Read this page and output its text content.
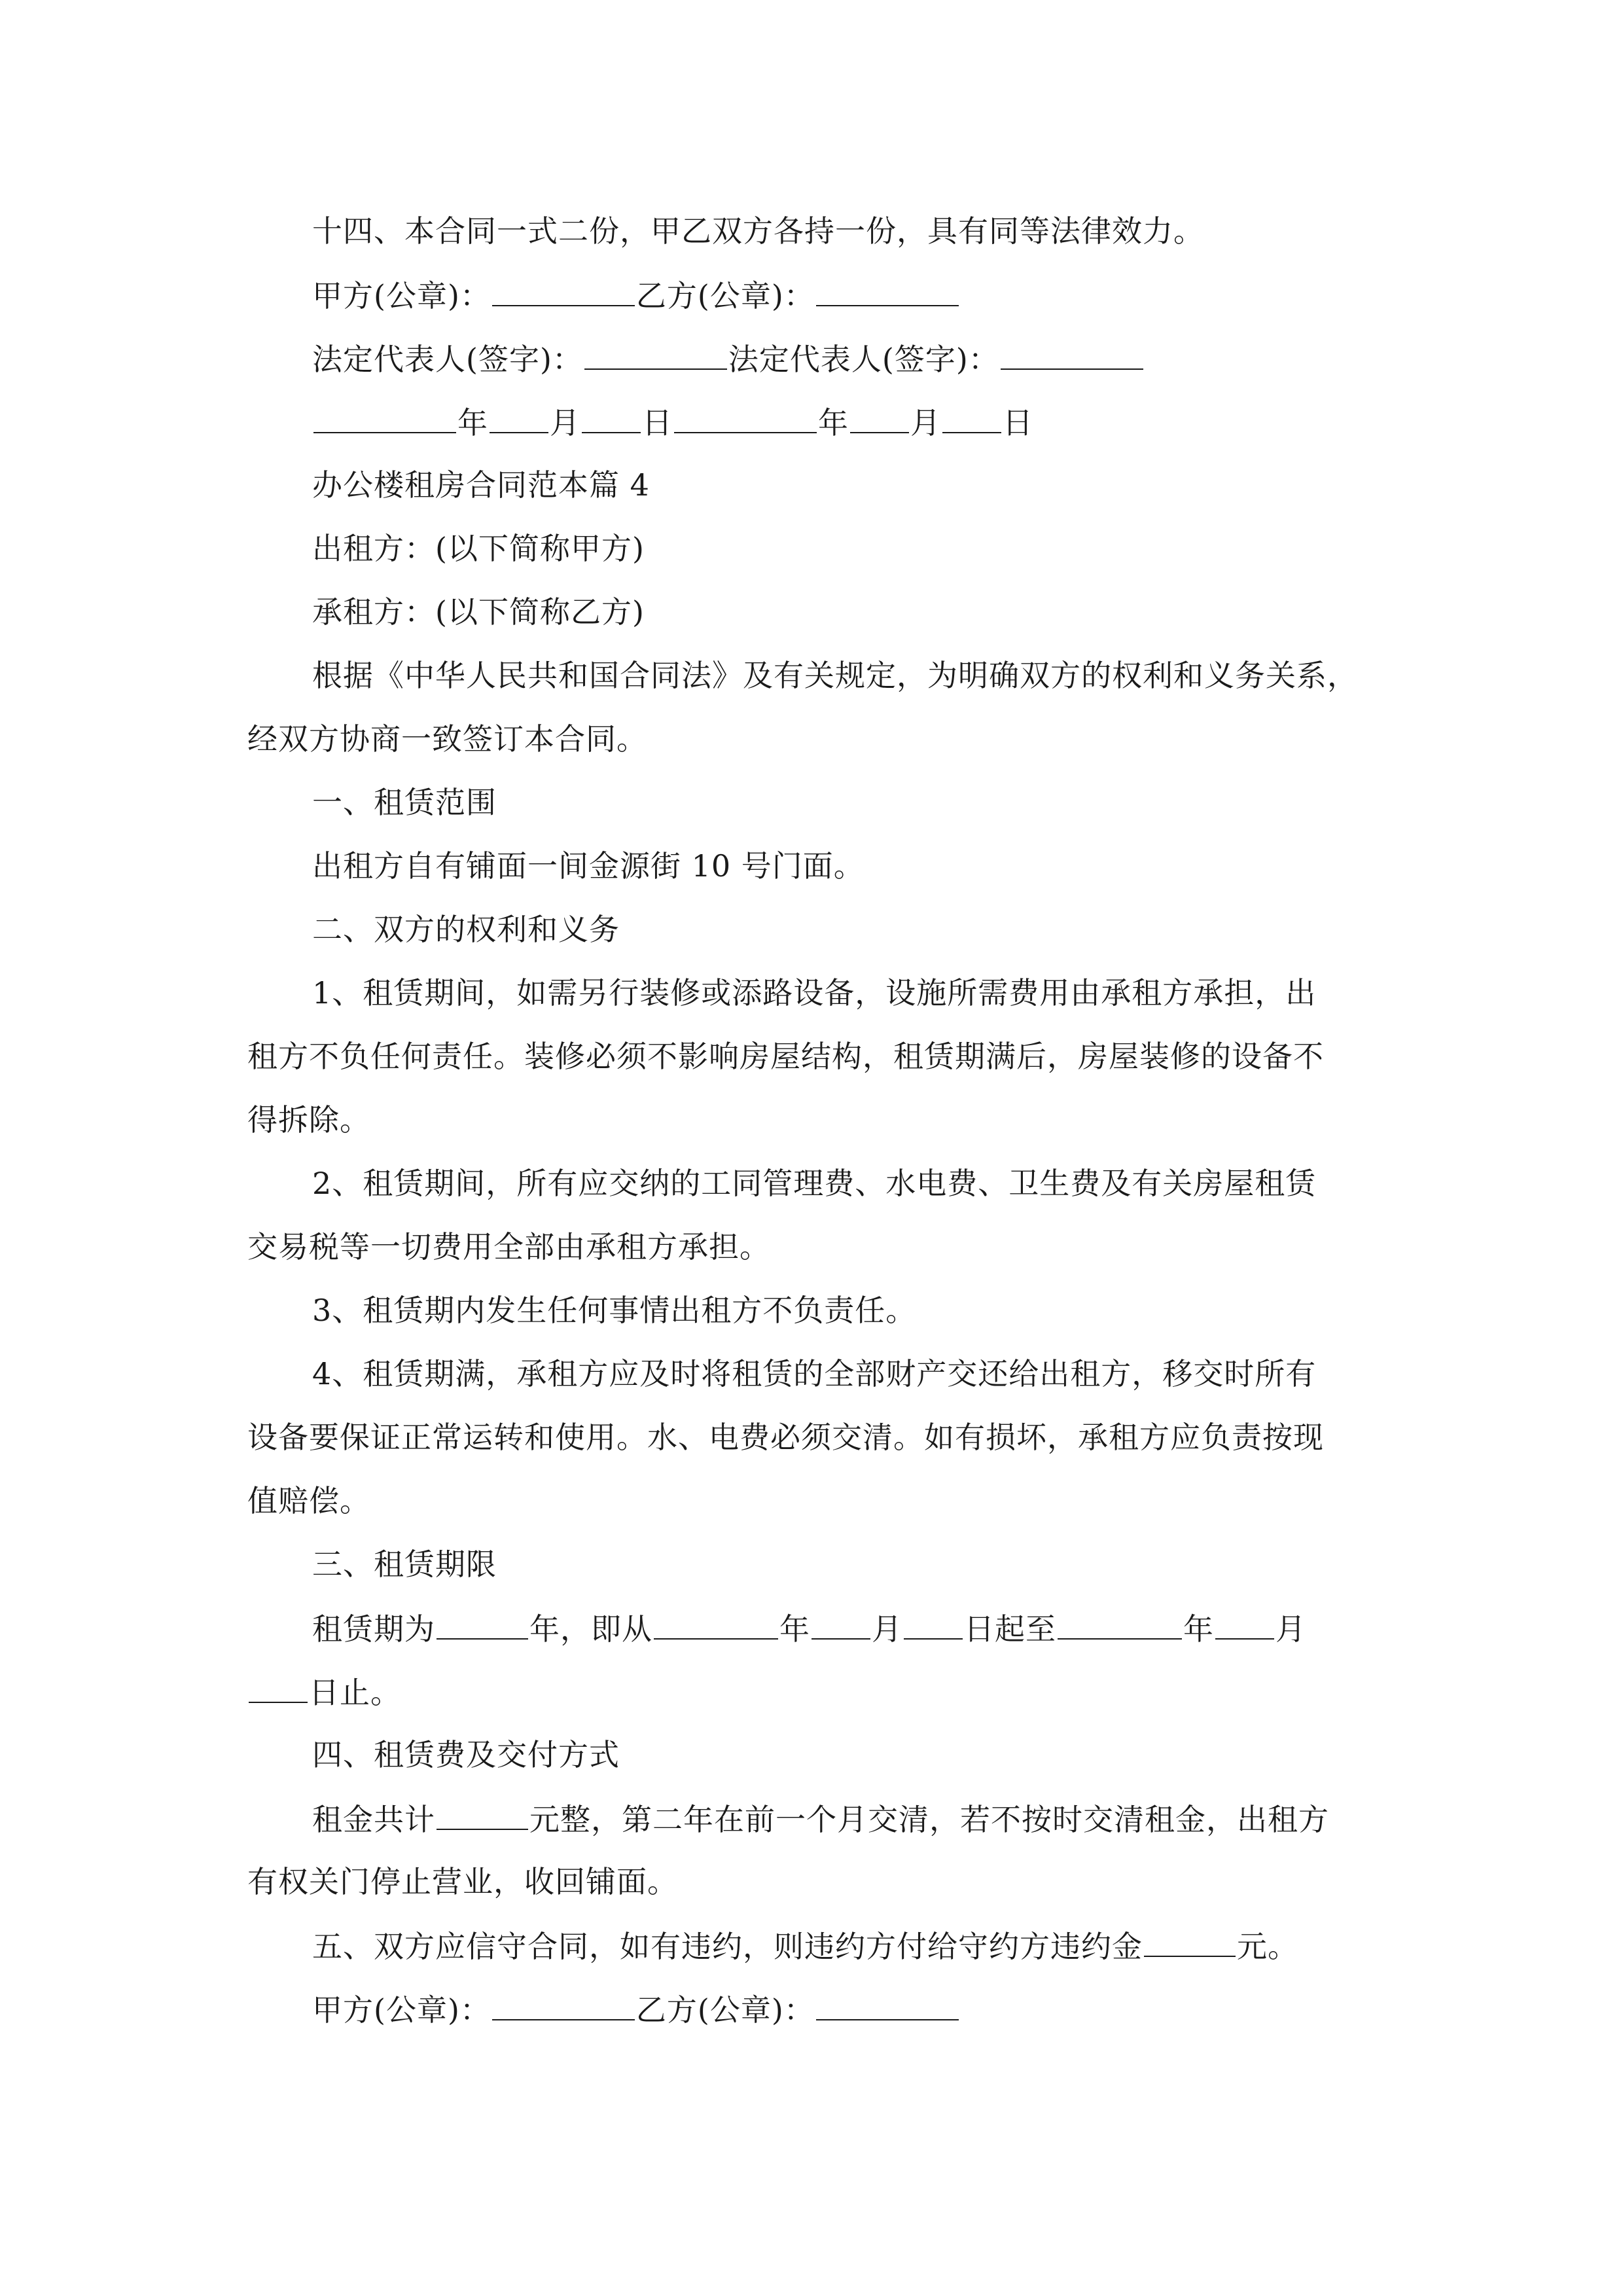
十四、本合同一式二份，甲乙双方各持一份，具有同等法律效力。
甲方(公章)：	乙方(公章)：
法定代表人(签字)：	法定代表人(签字)：
年 月 日	年 月 日
办公楼租房合同范本篇 4
出租方：(以下简称甲方)
承租方：(以下简称乙方)
根据《中华人民共和国合同法》及有关规定，为明确双方的权利和义务关系，
经双方协商一致签订本合同。
一、租赁范围
出租方自有铺面一间金源街 10 号门面。
二、双方的权利和义务
1、租赁期间，如需另行装修或添路设备，设施所需费用由承租方承担，出
租方不负任何责任。装修必须不影响房屋结构，租赁期满后，房屋装修的设备不
得拆除。
2、租赁期间，所有应交纳的工同管理费、水电费、卫生费及有关房屋租赁
交易税等一切费用全部由承租方承担。
3、租赁期内发生任何事情出租方不负责任。
4、租赁期满，承租方应及时将租赁的全部财产交还给出租方，移交时所有
设备要保证正常运转和使用。水、电费必须交清。如有损坏，承租方应负责按现
值赔偿。
三、租赁期限
租赁期为	年，即从	年 月 日起至	年 月
日止。
四、租赁费及交付方式
租金共计	元整，第二年在前一个月交清，若不按时交清租金，出租方
有权关门停止营业，收回铺面。
五、双方应信守合同，如有违约，则违约方付给守约方违约金	元。
甲方(公章)：	乙方(公章)：
